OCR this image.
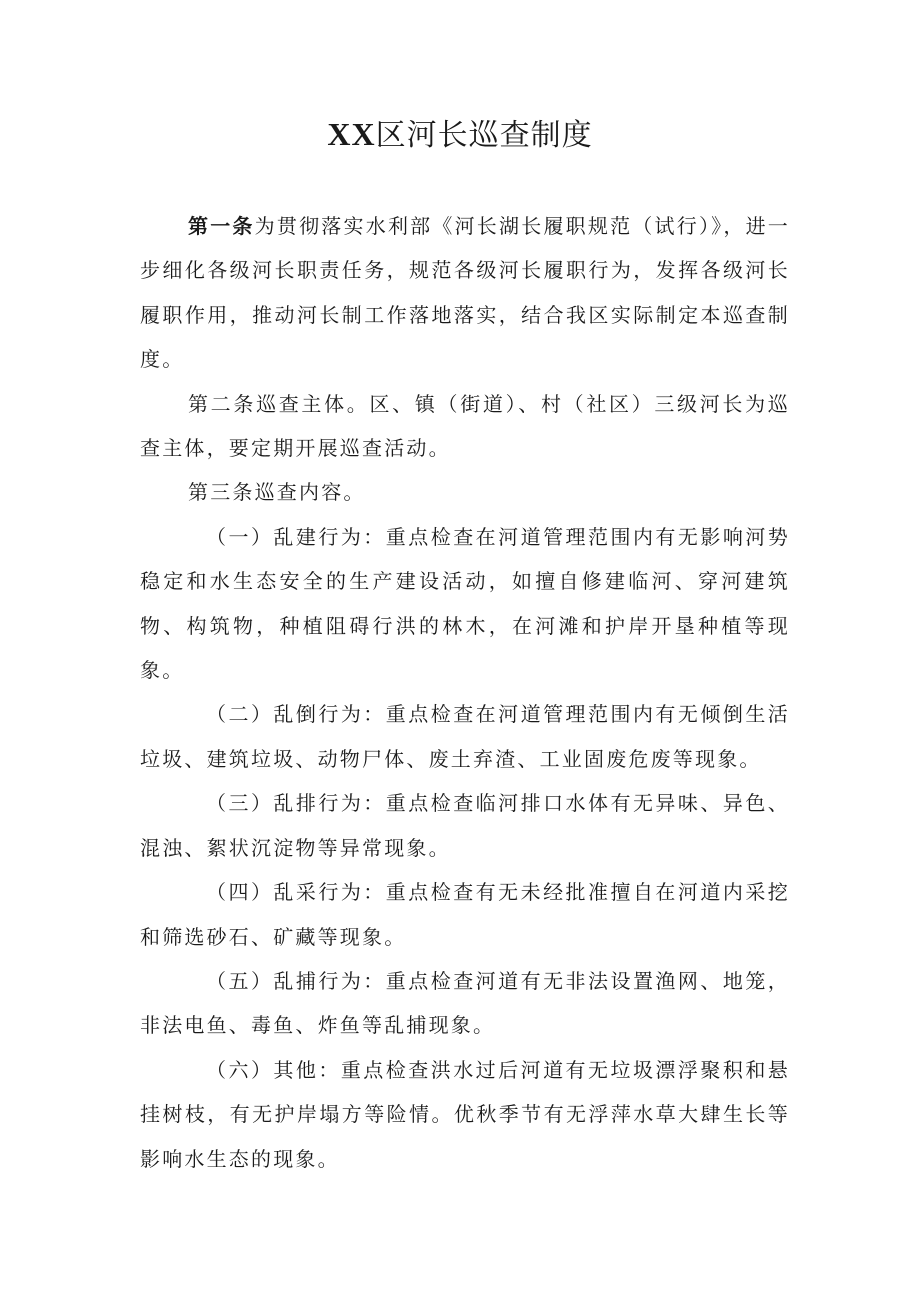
XX区河长巡查制度

第一条为贯彻落实水利部《河长湖长履职规范（试行）》，进一步细化各级河长职责任务，规范各级河长履职行为，发挥各级河长履职作用，推动河长制工作落地落实，结合我区实际制定本巡查制度。

第二条巡查主体。区、镇（街道）、村（社区）三级河长为巡查主体，要定期开展巡查活动。

第三条巡查内容。

（一）乱建行为：重点检查在河道管理范围内有无影响河势稳定和水生态安全的生产建设活动，如擅自修建临河、穿河建筑物、构筑物，种植阻碍行洪的林木，在河滩和护岸开垦种植等现象。

（二）乱倒行为：重点检查在河道管理范围内有无倾倒生活垃圾、建筑垃圾、动物尸体、废土弃渣、工业固废危废等现象。

（三）乱排行为：重点检查临河排口水体有无异味、异色、混浊、絮状沉淀物等异常现象。

（四）乱采行为：重点检查有无未经批准擅自在河道内采挖和筛选砂石、矿藏等现象。

（五）乱捕行为：重点检查河道有无非法设置渔网、地笼，非法电鱼、毒鱼、炸鱼等乱捕现象。

（六）其他：重点检查洪水过后河道有无垃圾漂浮聚积和悬挂树枝，有无护岸塌方等险情。优秋季节有无浮萍水草大肆生长等影响水生态的现象。
